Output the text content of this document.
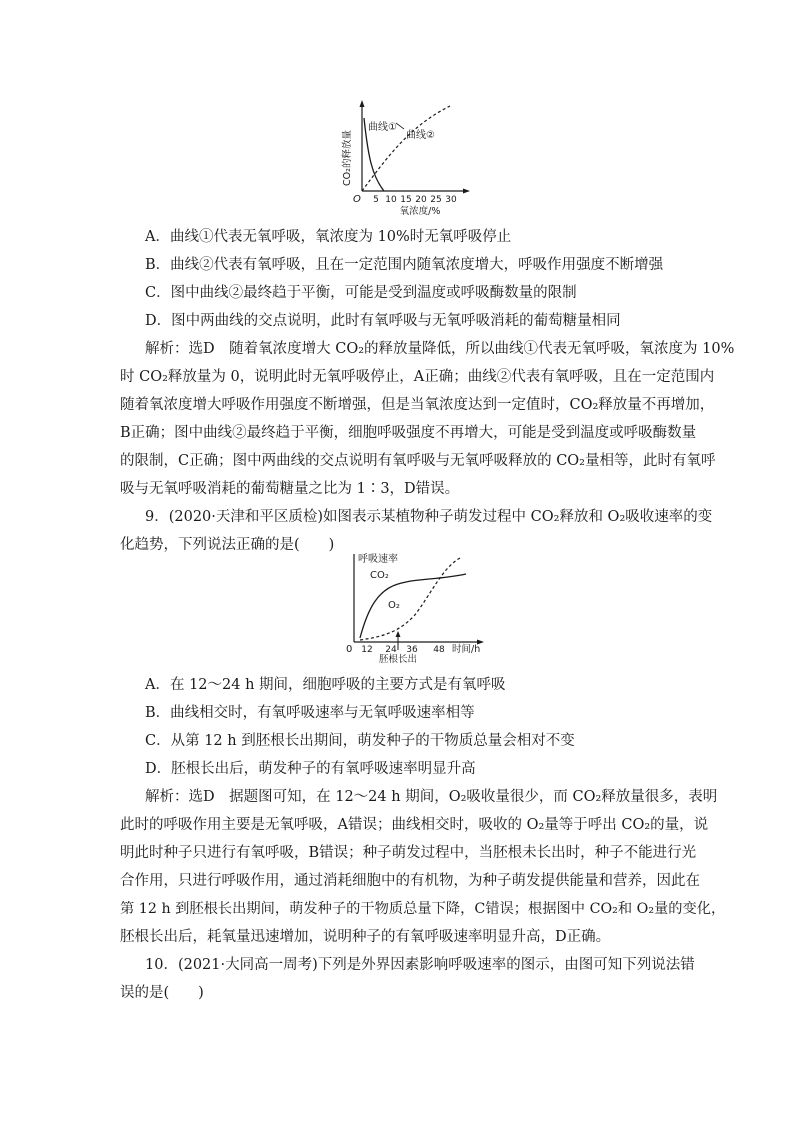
CO₂的释放量
曲线①
曲线②
O 5 10 15 20 25 30
氧浓度/%
A．曲线①代表无氧呼吸，氧浓度为 10%时无氧呼吸停止
B．曲线②代表有氧呼吸，且在一定范围内随氧浓度增大，呼吸作用强度不断增强
C．图中曲线②最终趋于平衡，可能是受到温度或呼吸酶数量的限制
D．图中两曲线的交点说明，此时有氧呼吸与无氧呼吸消耗的葡萄糖量相同
解析：选D　随着氧浓度增大 CO₂的释放量降低，所以曲线①代表无氧呼吸，氧浓度为 10%
时 CO₂释放量为 0，说明此时无氧呼吸停止，A正确；曲线②代表有氧呼吸，且在一定范围内
随着氧浓度增大呼吸作用强度不断增强，但是当氧浓度达到一定值时，CO₂释放量不再增加，
B正确；图中曲线②最终趋于平衡，细胞呼吸强度不再增大，可能是受到温度或呼吸酶数量
的限制，C正确；图中两曲线的交点说明有氧呼吸与无氧呼吸释放的 CO₂量相等，此时有氧呼
吸与无氧呼吸消耗的葡萄糖量之比为 1∶3，D错误。
9．(2020·天津和平区质检)如图表示某植物种子萌发过程中 CO₂释放和 O₂吸收速率的变
化趋势，下列说法正确的是(　　)
呼吸速率
CO₂
O₂
0 12 24 36 48 时间/h
胚根长出
A．在 12～24 h 期间，细胞呼吸的主要方式是有氧呼吸
B．曲线相交时，有氧呼吸速率与无氧呼吸速率相等
C．从第 12 h 到胚根长出期间，萌发种子的干物质总量会相对不变
D．胚根长出后，萌发种子的有氧呼吸速率明显升高
解析：选D　据题图可知，在 12～24 h 期间，O₂吸收量很少，而 CO₂释放量很多，表明
此时的呼吸作用主要是无氧呼吸，A错误；曲线相交时，吸收的 O₂量等于呼出 CO₂的量，说
明此时种子只进行有氧呼吸，B错误；种子萌发过程中，当胚根未长出时，种子不能进行光
合作用，只进行呼吸作用，通过消耗细胞中的有机物，为种子萌发提供能量和营养，因此在
第 12 h 到胚根长出期间，萌发种子的干物质总量下降，C错误；根据图中 CO₂和 O₂量的变化，
胚根长出后，耗氧量迅速增加，说明种子的有氧呼吸速率明显升高，D正确。
10．(2021·大同高一周考)下列是外界因素影响呼吸速率的图示，由图可知下列说法错
误的是(　　)
